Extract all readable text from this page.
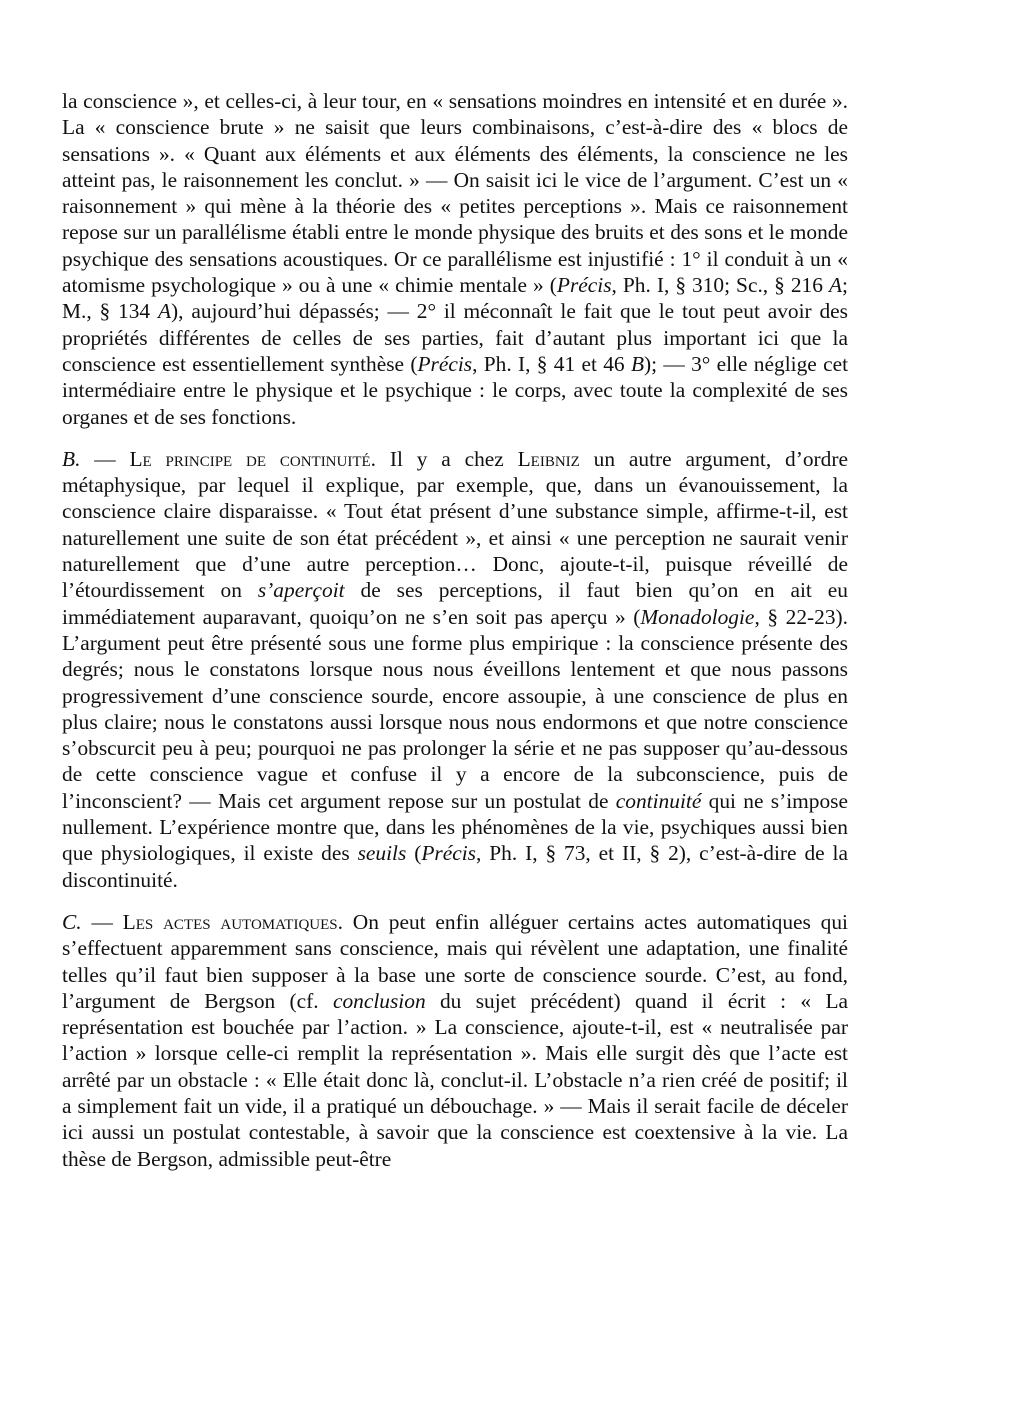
la conscience », et celles-ci, à leur tour, en « sensations moindres en intensité et en durée ». La « conscience brute » ne saisit que leurs combinaisons, c’est-à-dire des « blocs de sensations ». « Quant aux éléments et aux éléments des éléments, la conscience ne les atteint pas, le raisonnement les conclut. » — On saisit ici le vice de l’argument. C’est un « raisonnement » qui mène à la théorie des « petites perceptions ». Mais ce raisonnement repose sur un parallélisme établi entre le monde physique des bruits et des sons et le monde psychique des sensations acoustiques. Or ce parallélisme est injustifié : 1° il conduit à un « atomisme psychologique » ou à une « chimie mentale » (Précis, Ph. I, § 310; Sc., § 216 A; M., § 134 A), aujourd’hui dépassés; — 2° il méconnaît le fait que le tout peut avoir des propriétés différentes de celles de ses parties, fait d’autant plus important ici que la conscience est essentiellement synthèse (Précis, Ph. I, § 41 et 46 B); — 3° elle néglige cet intermédiaire entre le physique et le psychique : le corps, avec toute la complexité de ses organes et de ses fonctions.

B. — Le principe de continuité. Il y a chez Leibniz un autre argument, d’ordre métaphysique, par lequel il explique, par exemple, que, dans un évanouissement, la conscience claire disparaisse. « Tout état présent d’une substance simple, affirme-t-il, est naturellement une suite de son état précédent », et ainsi « une perception ne saurait venir naturellement que d’une autre perception… Donc, ajoute-t-il, puisque réveillé de l’étourdissement on s’aperçoit de ses perceptions, il faut bien qu’on en ait eu immédiatement auparavant, quoiqu’on ne s’en soit pas aperçu » (Monadologie, § 22-23). L’argument peut être présenté sous une forme plus empirique : la conscience présente des degrés; nous le constatons lorsque nous nous éveillons lentement et que nous passons progressivement d’une conscience sourde, encore assoupie, à une conscience de plus en plus claire; nous le constatons aussi lorsque nous nous endormons et que notre conscience s’obscurcit peu à peu; pourquoi ne pas prolonger la série et ne pas supposer qu’au-dessous de cette conscience vague et confuse il y a encore de la subconscience, puis de l’inconscient? — Mais cet argument repose sur un postulat de continuité qui ne s’impose nullement. L’expérience montre que, dans les phénomènes de la vie, psychiques aussi bien que physiologiques, il existe des seuils (Précis, Ph. I, § 73, et II, § 2), c’est-à-dire de la discontinuité.

C. — Les actes automatiques. On peut enfin alléguer certains actes automatiques qui s’effectuent apparemment sans conscience, mais qui révèlent une adaptation, une finalité telles qu’il faut bien supposer à la base une sorte de conscience sourde. C’est, au fond, l’argument de Bergson (cf. conclusion du sujet précédent) quand il écrit : « La représentation est bouchée par l’action. » La conscience, ajoute-t-il, est « neutralisée par l’action » lorsque celle-ci remplit la représentation ». Mais elle surgit dès que l’acte est arrêté par un obstacle : « Elle était donc là, conclut-il. L’obstacle n’a rien créé de positif; il a simplement fait un vide, il a pratiqué un débouchage. » — Mais il serait facile de déceler ici aussi un postulat contestable, à savoir que la conscience est coextensive à la vie. La thèse de Bergson, admissible peut-être
